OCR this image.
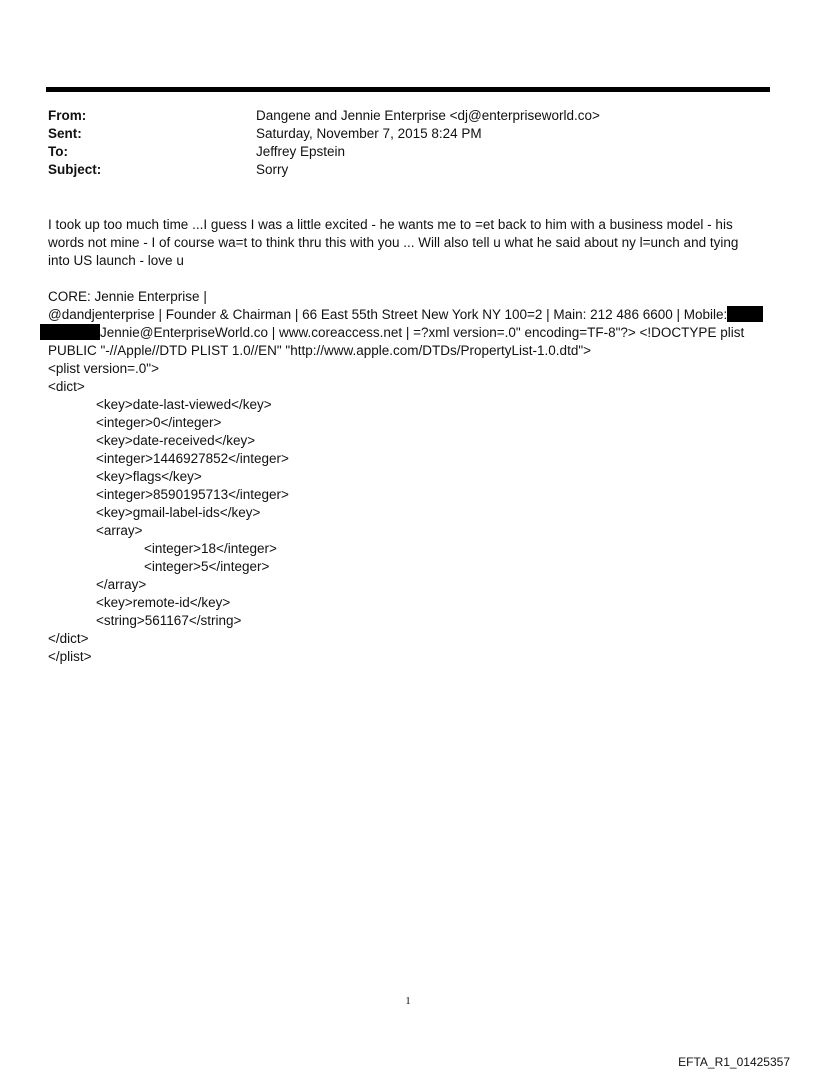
From:	Dangene and Jennie Enterprise <dj@enterpriseworld.co>
Sent:	Saturday, November 7, 2015 8:24 PM
To:	Jeffrey Epstein
Subject:	Sorry

I took up too much time ...I guess I was a little excited - he wants me to =et back to him with a business model - his

words not mine - I of course wa=t to think thru this with you ... Will also tell u what he said about ny l=unch and tying

into US launch - love u

CORE: Jennie Enterprise |
@dandjenterprise | Founder & Chairman | 66 East 55th Street New York NY 100=2 | Main: 212 486 6600 | Mobile:
Jennie@EnterpriseWorld.co | www.coreaccess.net | =?xml version=.0" encoding=TF-8"?> <!DOCTYPE plist
PUBLIC "-//Apple//DTD PLIST 1.0//EN" "http://www.apple.com/DTDs/PropertyList-1.0.dtd">
<plist version=.0">
<dict>
<key>date-last-viewed</key>
<integer>0</integer>
<key>date-received</key>
<integer>1446927852</integer>
<key>flags</key>
<integer>8590195713</integer>
<key>gmail-label-ids</key>
<array>
<integer>18</integer>
<integer>5</integer>
</array>
<key>remote-id</key>
<string>561167</string>
</dict>
</plist>
1
EFTA_R1_01425357
